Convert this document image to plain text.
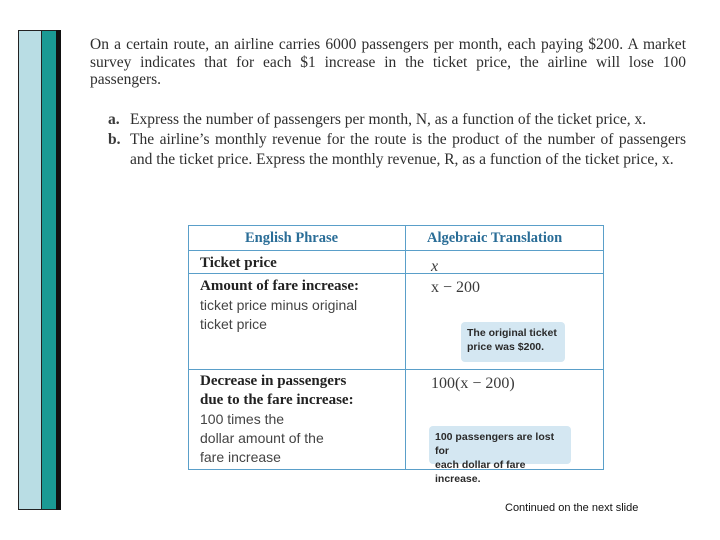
On a certain route, an airline carries 6000 passengers per month, each paying $200. A market survey indicates that for each $1 increase in the ticket price, the airline will lose 100 passengers.
a. Express the number of passengers per month, N, as a function of the ticket price, x.
b. The airline’s monthly revenue for the route is the product of the number of passengers and the ticket price. Express the monthly revenue, R, as a function of the ticket price, x.
English Phrase	Algebraic Translation
Ticket price	x
Amount of fare increase:
ticket price minus original
ticket price
x − 200
The original ticket
price was $200.
Decrease in passengers
due to the fare increase:
100 times the
dollar amount of the
fare increase
100(x − 200)
100 passengers are lost for
each dollar of fare increase.
Continued on the next slide
